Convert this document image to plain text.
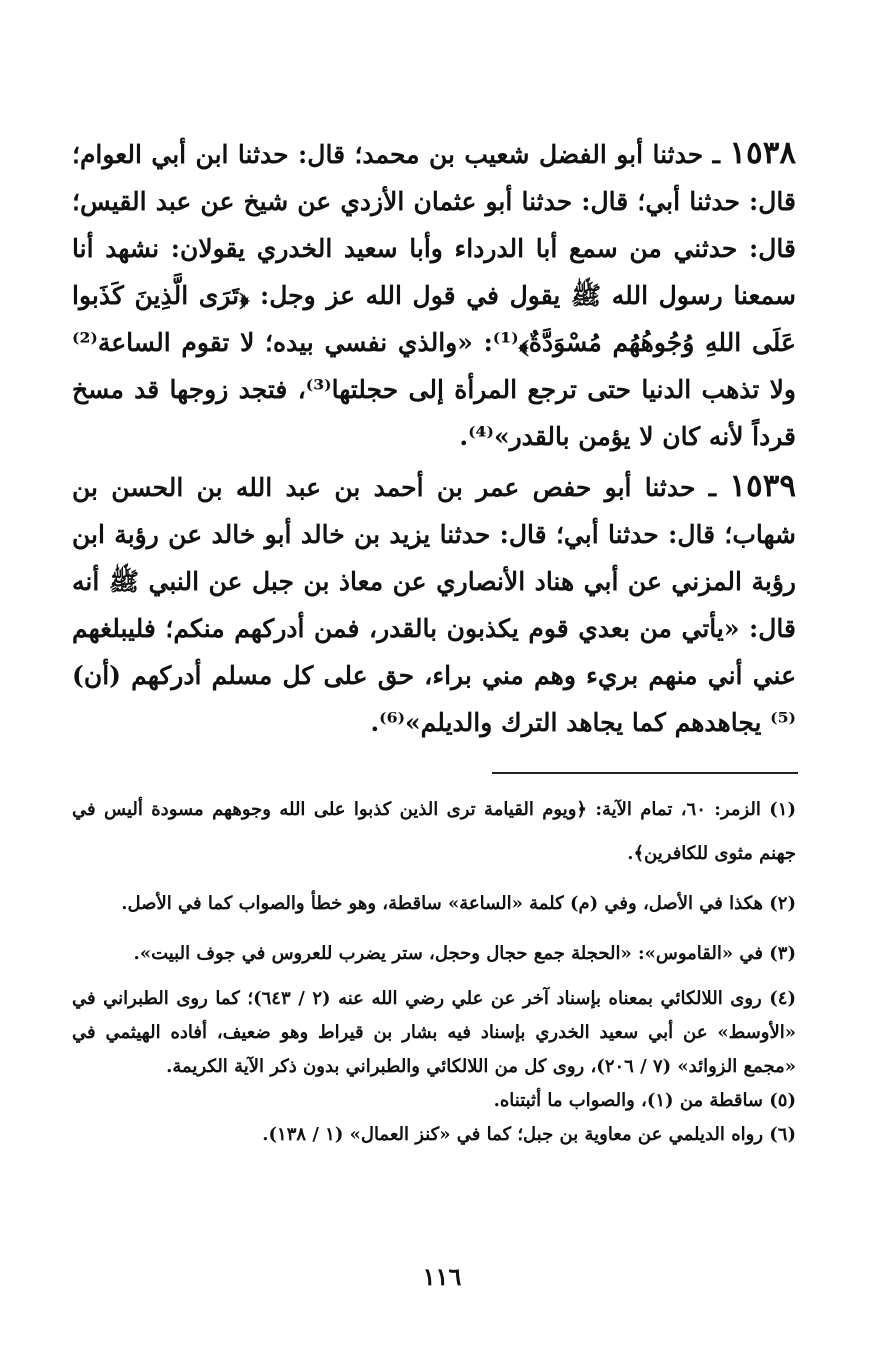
١٥٣٨ ـ حدثنا أبو الفضل شعيب بن محمد؛ قال: حدثنا ابن أبي العوام؛ قال: حدثنا أبي؛ قال: حدثنا أبو عثمان الأزدي عن شيخ عن عبد القيس؛ قال: حدثني من سمع أبا الدرداء وأبا سعيد الخدري يقولان: نشهد أنا سمعنا رسول الله ﷺ يقول في قول الله عز وجل: ﴿تَرَى الَّذِينَ كَذَبوا عَلَى اللهِ وُجُوهُهُم مُسْوَدَّةٌ﴾⁽¹⁾: «والذي نفسي بيده؛ لا تقوم الساعة⁽²⁾ ولا تذهب الدنيا حتى ترجع المرأة إلى حجلتها⁽³⁾، فتجد زوجها قد مسخ قرداً لأنه كان لا يؤمن بالقدر»⁽⁴⁾.
١٥٣٩ ـ حدثنا أبو حفص عمر بن أحمد بن عبد الله بن الحسن بن شهاب؛ قال: حدثنا أبي؛ قال: حدثنا يزيد بن خالد أبو خالد عن رؤبة ابن رؤبة المزني عن أبي هناد الأنصاري عن معاذ بن جبل عن النبي ﷺ أنه قال: «يأتي من بعدي قوم يكذبون بالقدر، فمن أدركهم منكم؛ فليبلغهم عني أني منهم بريء وهم مني براء، حق على كل مسلم أدركهم (أن)⁽⁵⁾ يجاهدهم كما يجاهد الترك والديلم»⁽⁶⁾.

(١) الزمر: ٦٠، تمام الآية: ﴿ويوم القيامة ترى الذين كذبوا على الله وجوههم مسودة أليس في جهنم مثوى للكافرين﴾.

(٢) هكذا في الأصل، وفي (م) كلمة «الساعة» ساقطة، وهو خطأ والصواب كما في الأصل.

(٣) في «القاموس»: «الحجلة جمع حجال وحجل، ستر يضرب للعروس في جوف البيت».

(٤) روى اللالكائي بمعناه بإسناد آخر عن علي رضي الله عنه (٢ / ٦٤٣)؛ كما روى الطبراني في «الأوسط» عن أبي سعيد الخدري بإسناد فيه بشار بن قيراط وهو ضعيف، أفاده الهيثمي في «مجمع الزوائد» (٧ / ٢٠٦)، روى كل من اللالكائي والطبراني بدون ذكر الآية الكريمة.

(٥) ساقطة من (١)، والصواب ما أثبتناه.

(٦) رواه الديلمي عن معاوية بن جبل؛ كما في «كنز العمال» (١ / ١٣٨).

١١٦
